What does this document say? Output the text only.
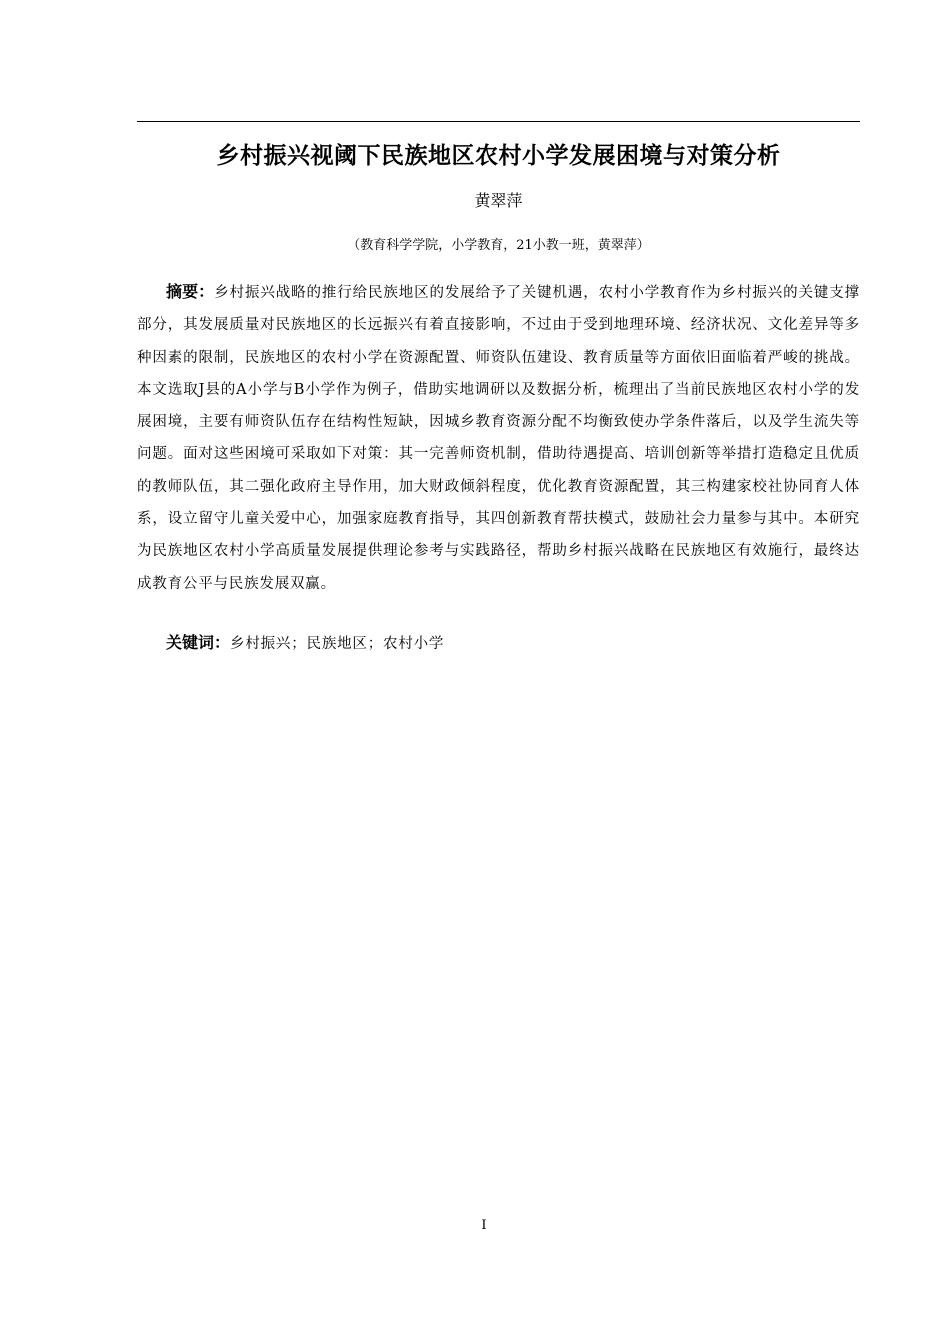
乡村振兴视阈下民族地区农村小学发展困境与对策分析
黄翠萍
（教育科学学院，小学教育，21小教一班，黄翠萍）

摘要：乡村振兴战略的推行给民族地区的发展给予了关键机遇，农村小学教育作为乡村振兴的关键支撑部分，其发展质量对民族地区的长远振兴有着直接影响，不过由于受到地理环境、经济状况、文化差异等多种因素的限制，民族地区的农村小学在资源配置、师资队伍建设、教育质量等方面依旧面临着严峻的挑战。本文选取J县的A小学与B小学作为例子，借助实地调研以及数据分析，梳理出了当前民族地区农村小学的发展困境，主要有师资队伍存在结构性短缺，因城乡教育资源分配不均衡致使办学条件落后，以及学生流失等问题。面对这些困境可采取如下对策：其一完善师资机制，借助待遇提高、培训创新等举措打造稳定且优质的教师队伍，其二强化政府主导作用，加大财政倾斜程度，优化教育资源配置，其三构建家校社协同育人体系，设立留守儿童关爱中心，加强家庭教育指导，其四创新教育帮扶模式，鼓励社会力量参与其中。本研究为民族地区农村小学高质量发展提供理论参考与实践路径，帮助乡村振兴战略在民族地区有效施行，最终达成教育公平与民族发展双赢。

关键词：乡村振兴；民族地区；农村小学

I
